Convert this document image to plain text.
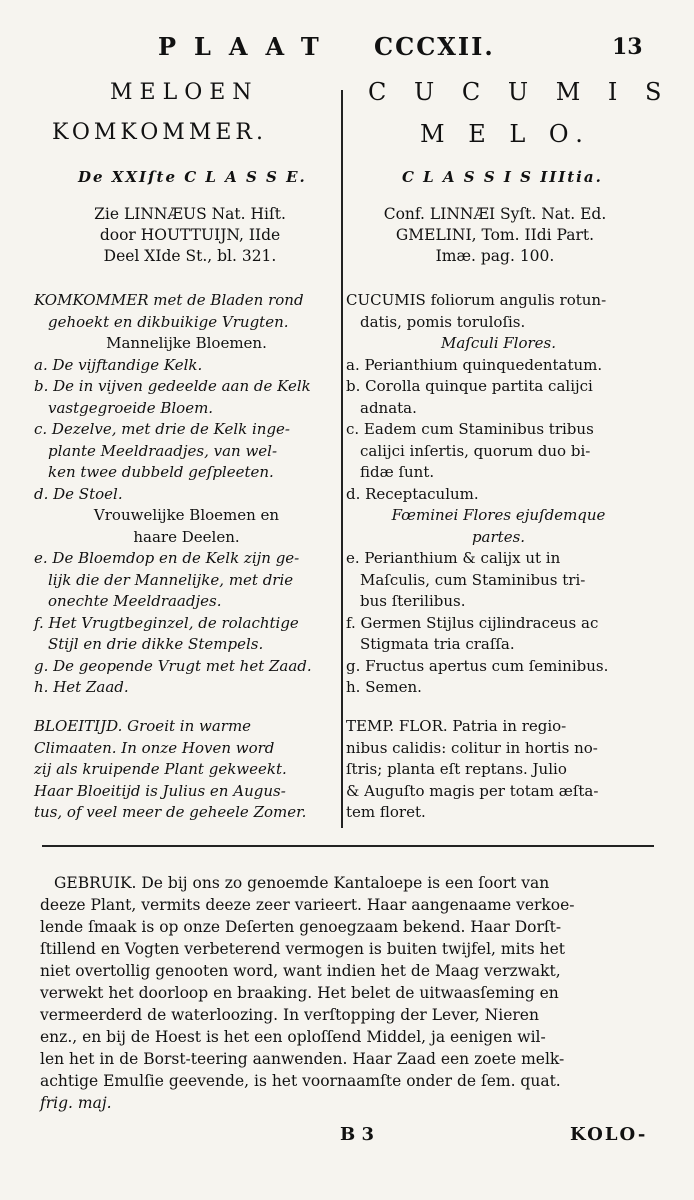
PLAAT CCCXII.	13
MELOEN
KOMKOMMER.
De XXIſte C L A S S E.
Zie LINNÆUS Nat. Hiſt.
door HOUTTUIJN, IIde
Deel XIde St., bl. 321.
C U C U M I S
M E L O.
C L A S S I S IIItia.
Conf. LINNÆI Syſt. Nat. Ed.
GMELINI, Tom. IIdi Part.
Imæ. pag. 100.
KOMKOMMER met de Bladen rond
gehoekt en dikbuikige Vrugten.
Mannelijke Bloemen.
a. De vijftandige Kelk.
b. De in vijven gedeelde aan de Kelk
vastgegroeide Bloem.
c. Dezelve, met drie de Kelk inge-
plante Meeldraadjes, van wel-
ken twee dubbeld geſpleeten.
d. De Stoel.
Vrouwelijke Bloemen en
haare Deelen.
e. De Bloemdop en de Kelk zijn ge-
lijk die der Mannelijke, met drie
onechte Meeldraadjes.
f. Het Vrugtbeginzel, de rolachtige
Stijl en drie dikke Stempels.
g. De geopende Vrugt met het Zaad.
h. Het Zaad.
CUCUMIS foliorum angulis rotun-
datis, pomis toruloſis.
Maſculi Flores.
a. Perianthium quinquedentatum.
b. Corolla quinque partita calijci
adnata.
c. Eadem cum Staminibus tribus
calijci inſertis, quorum duo bi-
fidæ ſunt.
d. Receptaculum.
Fœminei Flores ejuſdemque
partes.
e. Perianthium & calijx ut in
Maſculis, cum Staminibus tri-
bus ſterilibus.
f. Germen Stijlus cijlindraceus ac
Stigmata tria craſſa.
g. Fructus apertus cum ſeminibus.
h. Semen.
BLOEITIJD. Groeit in warme
Climaaten. In onze Hoven word
zij als kruipende Plant gekweekt.
Haar Bloeitijd is Julius en Augus-
tus, of veel meer de geheele Zomer.
TEMP. FLOR. Patria in regio-
nibus calidis: colitur in hortis no-
ſtris; planta eſt reptans. Julio
& Auguſto magis per totam æſta-
tem floret.
GEBRUIK. De bij ons zo genoemde Kantaloepe is een ſoort van
deeze Plant, vermits deeze zeer varieert. Haar aangenaame verkoe-
lende ſmaak is op onze Deſerten genoegzaam bekend. Haar Dorſt-
ſtillend en Vogten verbeterend vermogen is buiten twijfel, mits het
niet overtollig genooten word, want indien het de Maag verzwakt,
verwekt het doorloop en braaking. Het belet de uitwaasſeming en
vermeerderd de waterloozing. In verſtopping der Lever, Nieren
enz., en bij de Hoest is het een oploſſend Middel, ja eenigen wil-
len het in de Borst-teering aanwenden. Haar Zaad een zoete melk-
achtige Emulſie geevende, is het voornaamſte onder de ſem. quat.
frig. maj.
B 3	KOLO-
